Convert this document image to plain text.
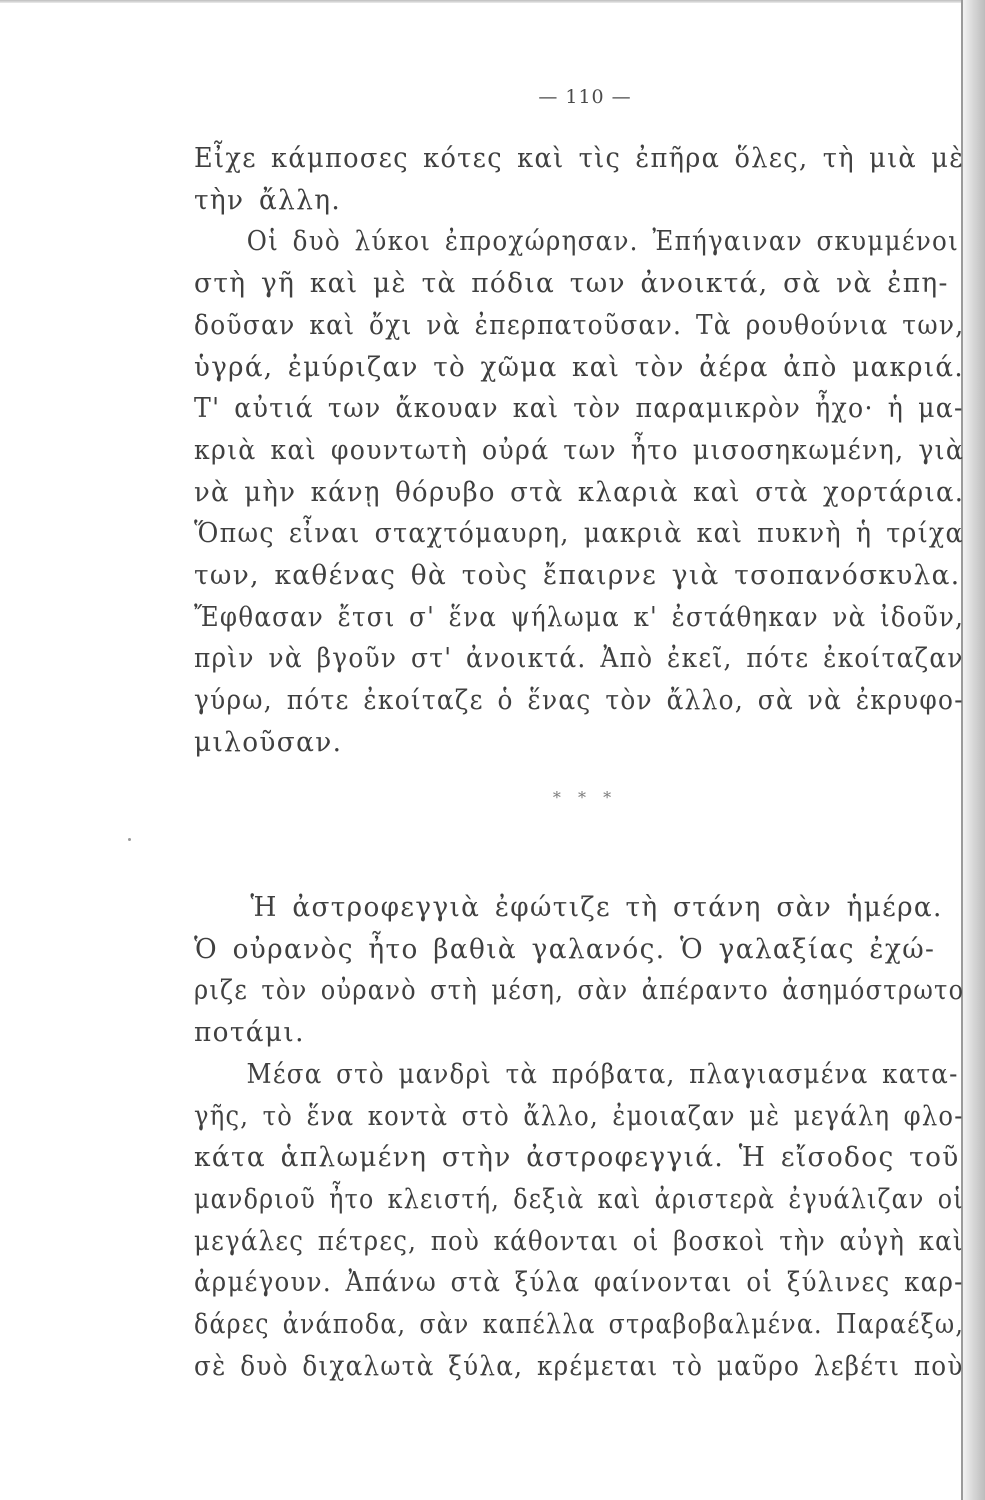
— 110 —
Εἶχε κάμποσες κότες καὶ τὶς ἐπῆρα ὅλες, τὴ μιὰ μὲ
τὴν ἄλλη.
Οἱ δυὸ λύκοι ἐπροχώρησαν. Ἐπήγαιναν σκυμμένοι
στὴ γῆ καὶ μὲ τὰ πόδια των ἀνοικτά, σὰ νὰ ἐπη-
δοῦσαν καὶ ὄχι νὰ ἐπερπατοῦσαν. Τὰ ρουθούνια των,
ὑγρά, ἐμύριζαν τὸ χῶμα καὶ τὸν ἀέρα ἀπὸ μακριά.
Τ' αὐτιά των ἄκουαν καὶ τὸν παραμικρὸν ἦχο· ἡ μα-
κριὰ καὶ φουντωτὴ οὐρά των ἦτο μισοσηκωμένη, γιὰ
νὰ μὴν κάνῃ θόρυβο στὰ κλαριὰ καὶ στὰ χορτάρια.
Ὅπως εἶναι σταχτόμαυρη, μακριὰ καὶ πυκνὴ ἡ τρίχα
των, καθένας θὰ τοὺς ἔπαιρνε γιὰ τσοπανόσκυλα.
Ἔφθασαν ἔτσι σ' ἕνα ψήλωμα κ' ἐστάθηκαν νὰ ἰδοῦν,
πρὶν νὰ βγοῦν στ' ἀνοικτά. Ἀπὸ ἐκεῖ, πότε ἐκοίταζαν
γύρω, πότε ἐκοίταζε ὁ ἕνας τὸν ἄλλο, σὰ νὰ ἐκρυφο-
μιλοῦσαν.
* * *
Ἡ ἀστροφεγγιὰ ἐφώτιζε τὴ στάνη σὰν ἡμέρα.
Ὁ οὐρανὸς ἦτο βαθιὰ γαλανός. Ὁ γαλαξίας ἐχώ-
ριζε τὸν οὐρανὸ στὴ μέση, σὰν ἀπέραντο ἀσημόστρωτο
ποτάμι.
Μέσα στὸ μανδρὶ τὰ πρόβατα, πλαγιασμένα κατα-
γῆς, τὸ ἕνα κοντὰ στὸ ἄλλο, ἐμοιαζαν μὲ μεγάλη φλο-
κάτα ἁπλωμένη στὴν ἀστροφεγγιά. Ἡ εἴσοδος τοῦ
μανδριοῦ ἦτο κλειστή, δεξιὰ καὶ ἀριστερὰ ἐγυάλιζαν οἱ
μεγάλες πέτρες, ποὺ κάθονται οἱ βοσκοὶ τὴν αὐγὴ καὶ
ἀρμέγουν. Ἀπάνω στὰ ξύλα φαίνονται οἱ ξύλινες καρ-
δάρες ἀνάποδα, σὰν καπέλλα στραβοβαλμένα. Παραέξω,
σὲ δυὸ διχαλωτὰ ξύλα, κρέμεται τὸ μαῦρο λεβέτι ποὺ
